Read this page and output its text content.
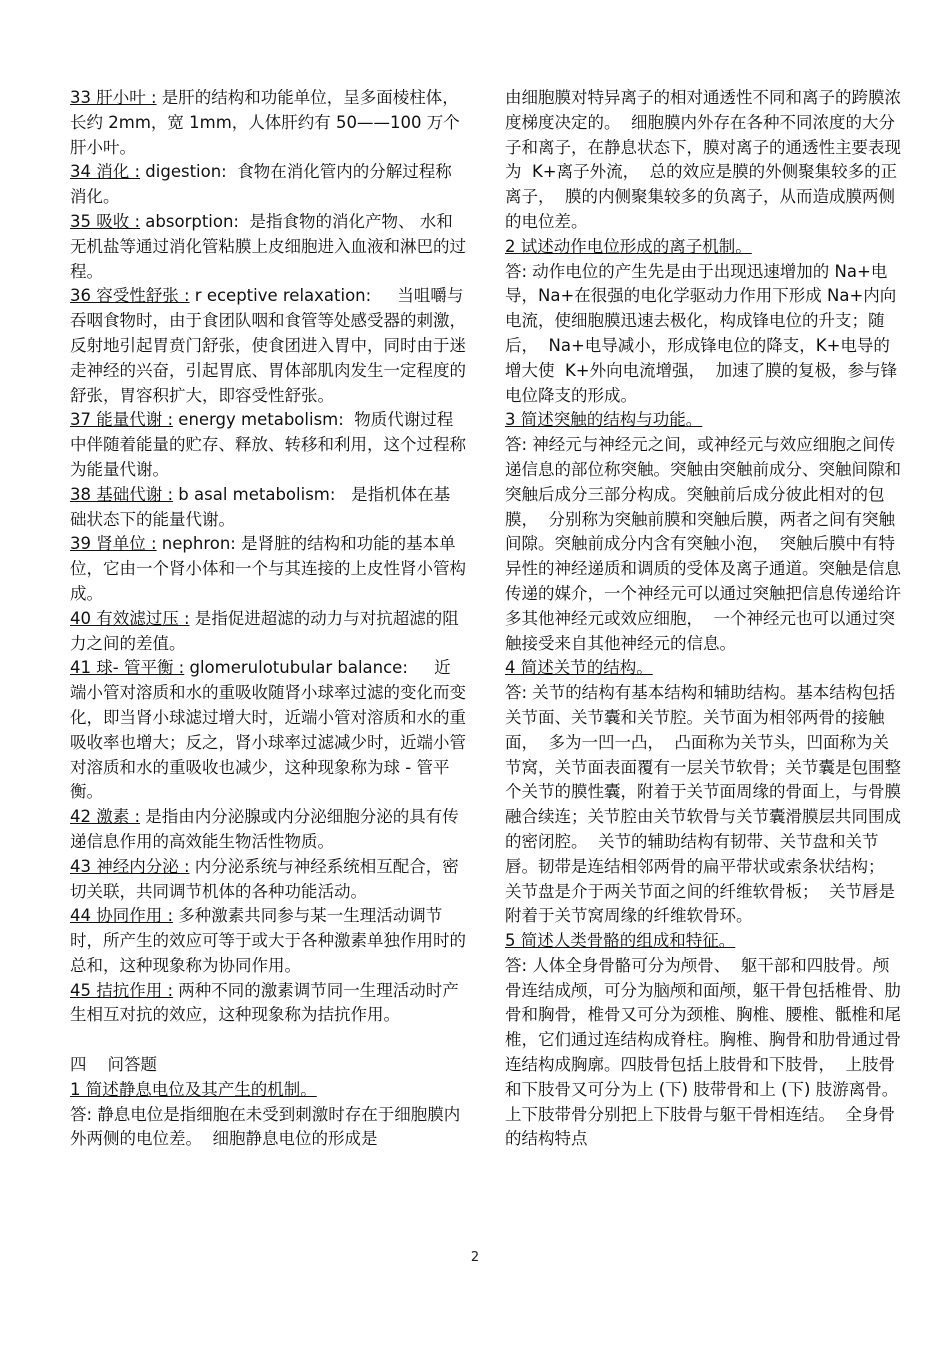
33 肝小叶 : 是肝的结构和功能单位，呈多面棱柱体，长约 2mm，宽 1mm，人体肝约有 50——100 万个肝小叶。

34 消化 : digestion:  食物在消化管内的分解过程称消化。

35 吸收 : absorption:  是指食物的消化产物、 水和无机盐等通过消化管粘膜上皮细胞进入血液和淋巴的过程。

36 容受性舒张 : r eceptive relaxation:     当咀嚼与吞咽食物时，由于食团队咽和食管等处感受器的刺激，反射地引起胃贲门舒张，使食团进入胃中，同时由于迷走神经的兴奋，引起胃底、胃体部肌肉发生一定程度的舒张，胃容积扩大，即容受性舒张。

37 能量代谢 : energy metabolism:  物质代谢过程中伴随着能量的贮存、释放、转移和利用，这个过程称为能量代谢。

38 基础代谢 : b asal metabolism:   是指机体在基础状态下的能量代谢。

39 肾单位 : nephron: 是肾脏的结构和功能的基本单位，它由一个肾小体和一个与其连接的上皮性肾小管构成。

40 有效滤过压 : 是指促进超滤的动力与对抗超滤的阻力之间的差值。

41 球- 管平衡 : glomerulotubular balance:     近端小管对溶质和水的重吸收随肾小球率过滤的变化而变化，即当肾小球滤过增大时，近端小管对溶质和水的重吸收率也增大；反之，肾小球率过滤减少时，近端小管对溶质和水的重吸收也减少，这种现象称为球 - 管平衡。

42 激素 : 是指由内分泌腺或内分泌细胞分泌的具有传递信息作用的高效能生物活性物质。

43 神经内分泌 : 内分泌系统与神经系统相互配合，密切关联，共同调节机体的各种功能活动。

44 协同作用 : 多种激素共同参与某一生理活动调节时，所产生的效应可等于或大于各种激素单独作用时的总和，这种现象称为协同作用。

45 拮抗作用 : 两种不同的激素调节同一生理活动时产生相互对抗的效应，这种现象称为拮抗作用。

四    问答题

1 简述静息电位及其产生的机制。

答: 静息电位是指细胞在未受到刺激时存在于细胞膜内外两侧的电位差。  细胞静息电位的形成是

由细胞膜对特异离子的相对通透性不同和离子的跨膜浓度梯度决定的。  细胞膜内外存在各种不同浓度的大分子和离子，在静息状态下，膜对离子的通透性主要表现为  K+离子外流，  总的效应是膜的外侧聚集较多的正离子，  膜的内侧聚集较多的负离子，从而造成膜两侧的电位差。

2 试述动作电位形成的离子机制。

答: 动作电位的产生先是由于出现迅速增加的 Na+电导，Na+在很强的电化学驱动力作用下形成 Na+内向电流，使细胞膜迅速去极化，构成锋电位的升支；随后，  Na+电导减小，形成锋电位的降支，K+电导的增大使  K+外向电流增强，  加速了膜的复极，参与锋电位降支的形成。

3 简述突触的结构与功能。

答: 神经元与神经元之间，或神经元与效应细胞之间传递信息的部位称突触。突触由突触前成分、突触间隙和突触后成分三部分构成。突触前后成分彼此相对的包膜，  分别称为突触前膜和突触后膜，两者之间有突触间隙。突触前成分内含有突触小泡，  突触后膜中有特异性的神经递质和调质的受体及离子通道。突触是信息传递的媒介，一个神经元可以通过突触把信息传递给许多其他神经元或效应细胞，  一个神经元也可以通过突触接受来自其他神经元的信息。

4 简述关节的结构。

答: 关节的结构有基本结构和辅助结构。基本结构包括关节面、关节囊和关节腔。关节面为相邻两骨的接触面，  多为一凹一凸，  凸面称为关节头，凹面称为关节窝，关节面表面覆有一层关节软骨；关节囊是包围整个关节的膜性囊，附着于关节面周缘的骨面上，与骨膜融合续连；关节腔由关节软骨与关节囊滑膜层共同围成的密闭腔。  关节的辅助结构有韧带、关节盘和关节唇。韧带是连结相邻两骨的扁平带状或索条状结构；  关节盘是介于两关节面之间的纤维软骨板；  关节唇是附着于关节窝周缘的纤维软骨环。

5 简述人类骨骼的组成和特征。

答: 人体全身骨骼可分为颅骨、  躯干部和四肢骨。颅骨连结成颅，可分为脑颅和面颅，躯干骨包括椎骨、肋骨和胸骨，椎骨又可分为颈椎、胸椎、腰椎、骶椎和尾椎，它们通过连结构成脊柱。胸椎、胸骨和肋骨通过骨连结构成胸廓。四肢骨包括上肢骨和下肢骨，  上肢骨和下肢骨又可分为上 (下) 肢带骨和上 (下) 肢游离骨。上下肢带骨分别把上下肢骨与躯干骨相连结。  全身骨的结构特点

2
